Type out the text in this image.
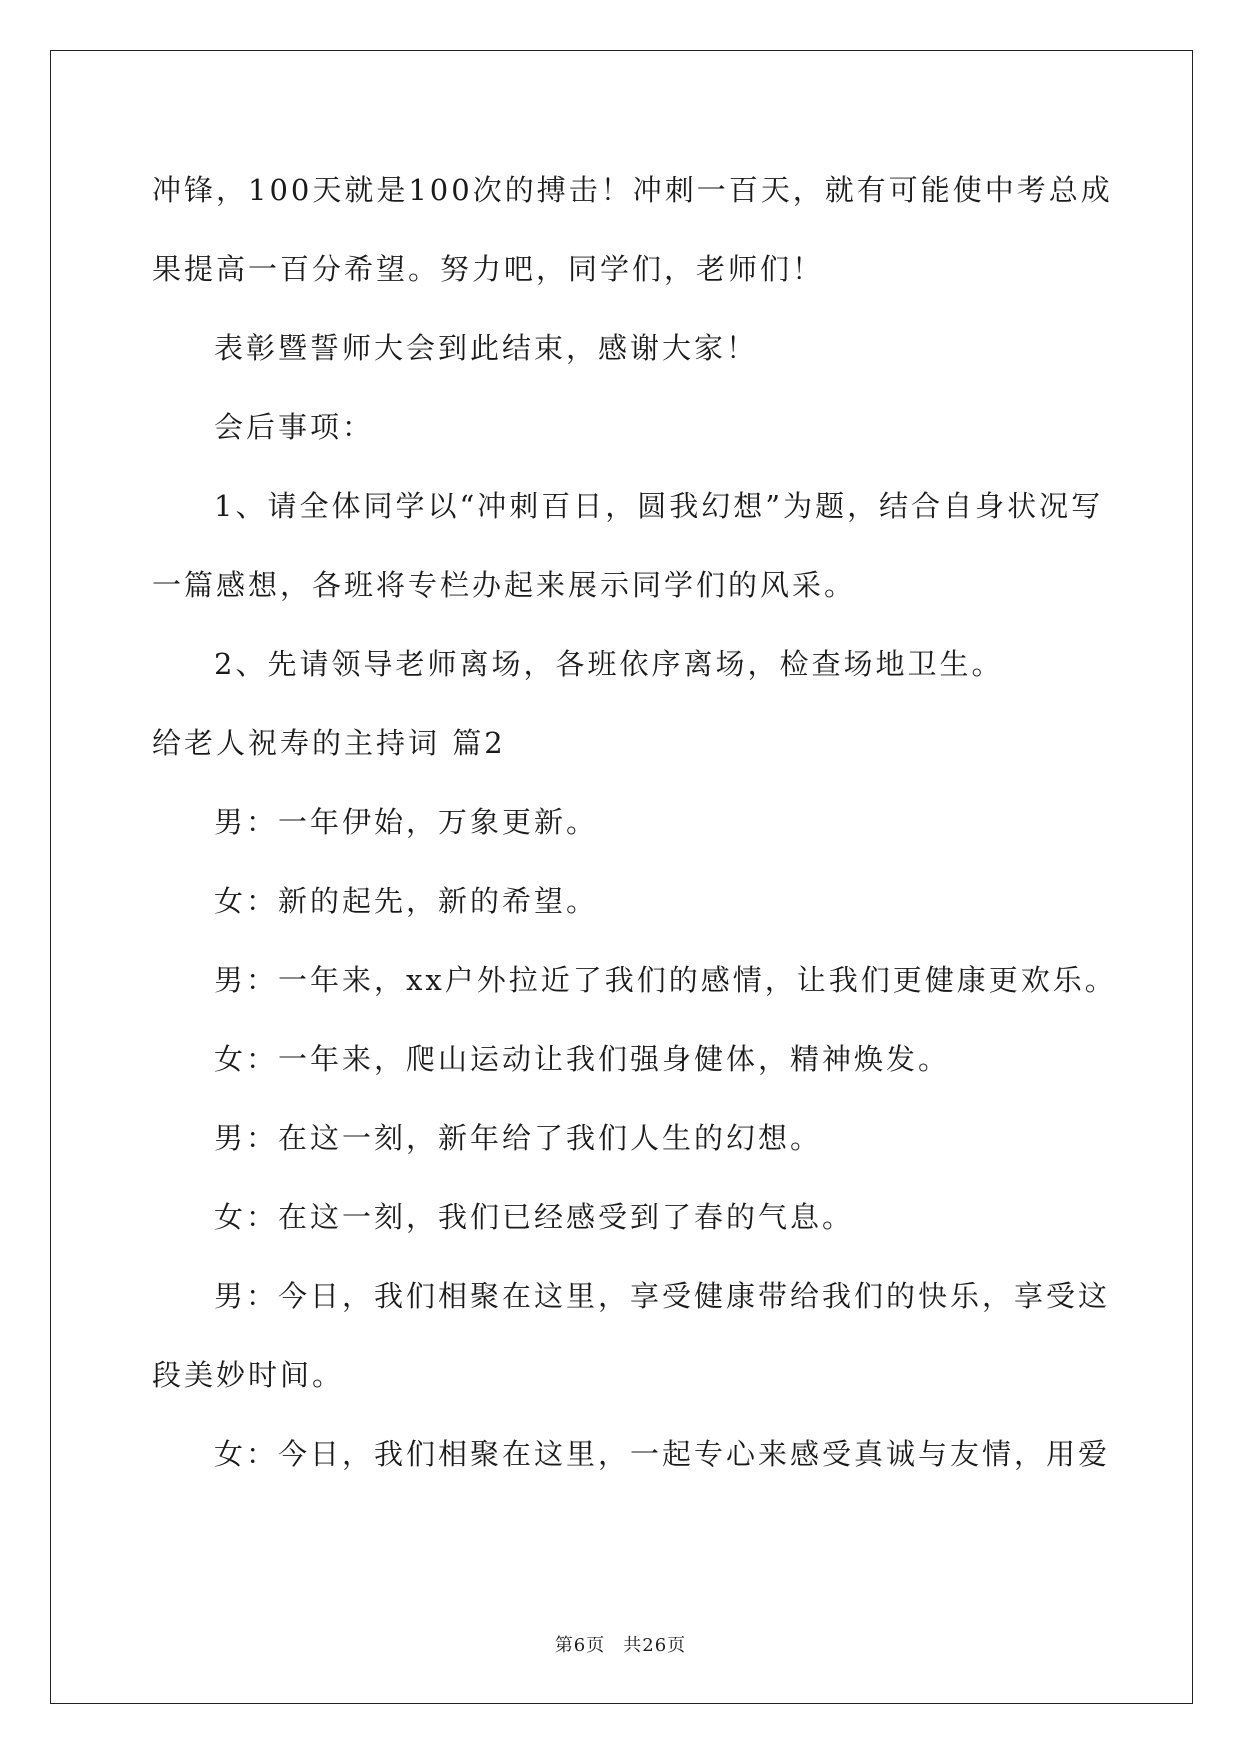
冲锋，100天就是100次的搏击！冲刺一百天，就有可能使中考总成
果提高一百分希望。努力吧，同学们，老师们！
表彰暨誓师大会到此结束，感谢大家！
会后事项：
1、请全体同学以“冲刺百日，圆我幻想”为题，结合自身状况写
一篇感想，各班将专栏办起来展示同学们的风采。
2、先请领导老师离场，各班依序离场，检查场地卫生。
给老人祝寿的主持词 篇2
男：一年伊始，万象更新。
女：新的起先，新的希望。
男：一年来，xx户外拉近了我们的感情，让我们更健康更欢乐。
女：一年来，爬山运动让我们强身健体，精神焕发。
男：在这一刻，新年给了我们人生的幻想。
女：在这一刻，我们已经感受到了春的气息。
男：今日，我们相聚在这里，享受健康带给我们的快乐，享受这
段美妙时间。
女：今日，我们相聚在这里，一起专心来感受真诚与友情，用爱
第6页 共26页
